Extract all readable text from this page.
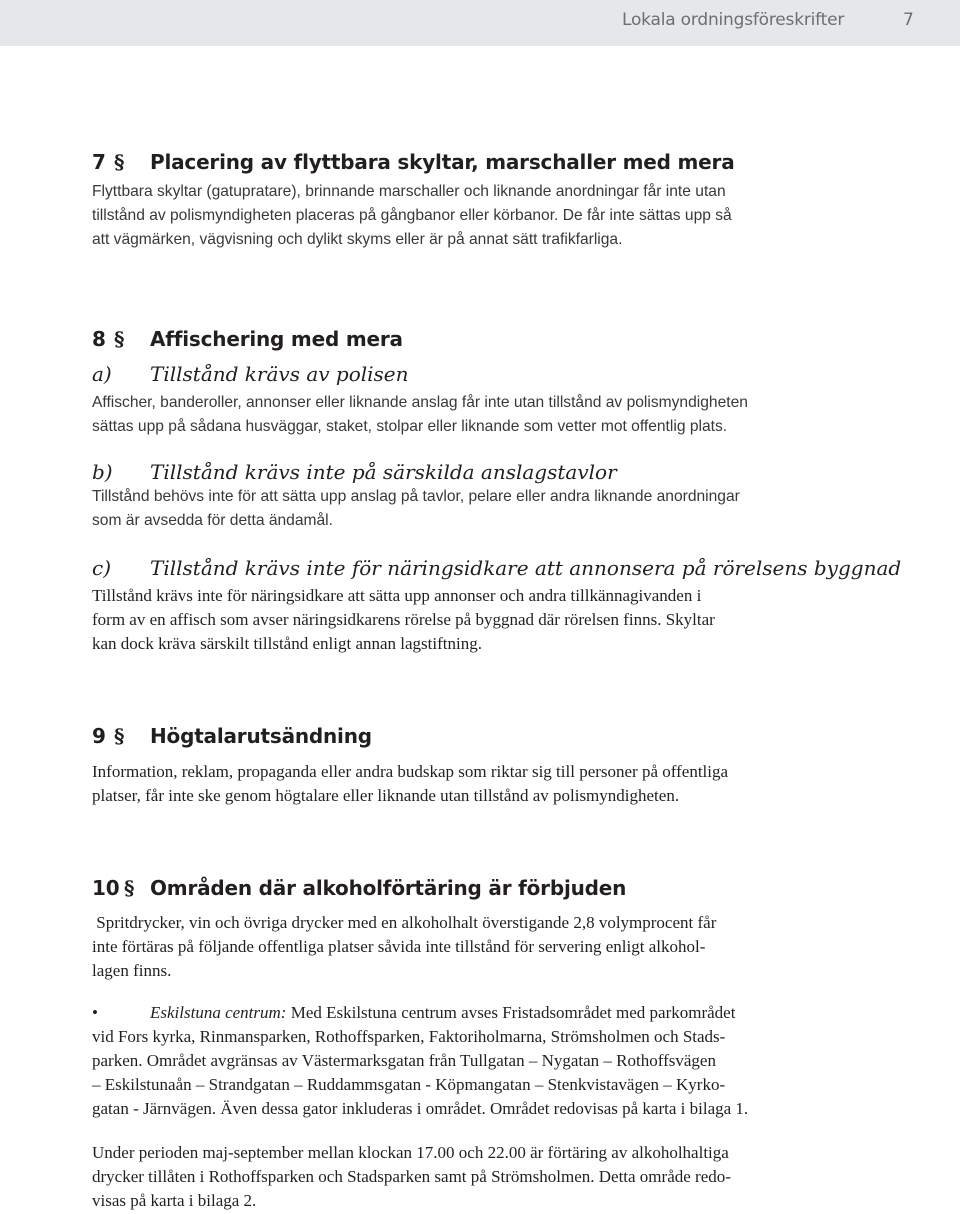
Lokala ordningsföreskrifter	7
7 § Placering av flyttbara skyltar, marschaller med mera
Flyttbara skyltar (gatupratare), brinnande marschaller och liknande anordningar får inte utan
tillstånd av polismyndigheten placeras på gångbanor eller körbanor. De får inte sättas upp så
att vägmärken, vägvisning och dylikt skyms eller är på annat sätt trafikfarliga.
8 § Affischering med mera
a) Tillstånd krävs av polisen
Affischer, banderoller, annonser eller liknande anslag får inte utan tillstånd av polismyndigheten
sättas upp på sådana husväggar, staket, stolpar eller liknande som vetter mot offentlig plats.
b) Tillstånd krävs inte på särskilda anslagstavlor
Tillstånd behövs inte för att sätta upp anslag på tavlor, pelare eller andra liknande anordningar
som är avsedda för detta ändamål.
c) Tillstånd krävs inte för näringsidkare att annonsera på rörelsens byggnad
Tillstånd krävs inte för näringsidkare att sätta upp annonser och andra tillkännagivanden i
form av en affisch som avser näringsidkarens rörelse på byggnad där rörelsen finns. Skyltar
kan dock kräva särskilt tillstånd enligt annan lagstiftning.
9 § Högtalarutsändning
Information, reklam, propaganda eller andra budskap som riktar sig till personer på offentliga
platser, får inte ske genom högtalare eller liknande utan tillstånd av polismyndigheten.
10 § Områden där alkoholförtäring är förbjuden
Spritdrycker, vin och övriga drycker med en alkoholhalt överstigande 2,8 volymprocent får
inte förtäras på följande offentliga platser såvida inte tillstånd för servering enligt alkohol-
lagen finns.
•	Eskilstuna centrum: Med Eskilstuna centrum avses Fristadsområdet med parkområdet
vid Fors kyrka, Rinmansparken, Rothoffsparken, Faktoriholmarna, Strömsholmen och Stads-
parken. Området avgränsas av Västermarksgatan från Tullgatan – Nygatan – Rothoffsvägen
– Eskilstunaån – Strandgatan – Ruddammsgatan - Köpmangatan – Stenkvistavägen – Kyrko-
gatan - Järnvägen. Även dessa gator inkluderas i området. Området redovisas på karta i bilaga 1.
Under perioden maj-september mellan klockan 17.00 och 22.00 är förtäring av alkoholhaltiga
drycker tillåten i Rothoffsparken och Stadsparken samt på Strömsholmen. Detta område redo-
visas på karta i bilaga 2.
